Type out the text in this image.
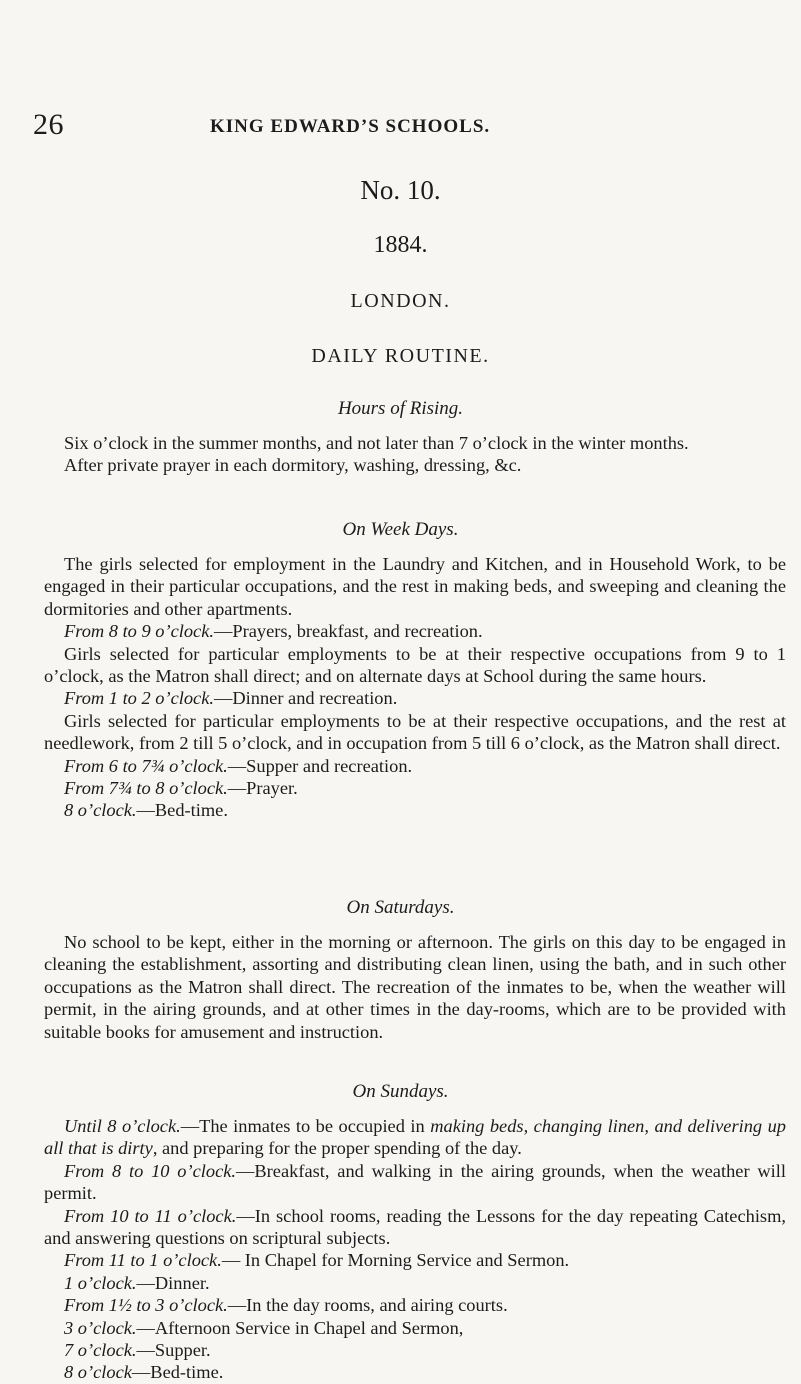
26	KING EDWARD’S SCHOOLS.
No. 10.
1884.
LONDON.
DAILY ROUTINE.
Hours of Rising.

Six o’clock in the summer months, and not later than 7 o’clock in the winter months.

After private prayer in each dormitory, washing, dressing, &c.

On Week Days.

The girls selected for employment in the Laundry and Kitchen, and in Household Work, to be engaged in their particular occupations, and the rest in making beds, and sweeping and cleaning the dormitories and other apartments.

From 8 to 9 o’clock.—Prayers, breakfast, and recreation.

Girls selected for particular employments to be at their respective occupations from 9 to 1 o’clock, as the Matron shall direct; and on alternate days at School during the same hours.

From 1 to 2 o’clock.—Dinner and recreation.

Girls selected for particular employments to be at their respective occupations, and the rest at needlework, from 2 till 5 o’clock, and in occupation from 5 till 6 o’clock, as the Matron shall direct.

From 6 to 7¾ o’clock.—Supper and recreation.

From 7¾ to 8 o’clock.—Prayer.

8 o’clock.—Bed-time.

On Saturdays.

No school to be kept, either in the morning or afternoon. The girls on this day to be engaged in cleaning the establishment, assorting and distributing clean linen, using the bath, and in such other occupations as the Matron shall direct. The recreation of the inmates to be, when the weather will permit, in the airing grounds, and at other times in the day-rooms, which are to be provided with suitable books for amusement and instruction.

On Sundays.

Until 8 o’clock.—The inmates to be occupied in making beds, changing linen, and delivering up all that is dirty, and preparing for the proper spending of the day.

From 8 to 10 o’clock.—Breakfast, and walking in the airing grounds, when the weather will permit.

From 10 to 11 o’clock.—In school rooms, reading the Lessons for the day repeating Catechism, and answering questions on scriptural subjects.

From 11 to 1 o’clock.— In Chapel for Morning Service and Sermon.

1 o’clock.—Dinner.

From 1½ to 3 o’clock.—In the day rooms, and airing courts.

3 o’clock.—Afternoon Service in Chapel and Sermon,

7 o’clock.—Supper.

8 o’clock—Bed-time.
